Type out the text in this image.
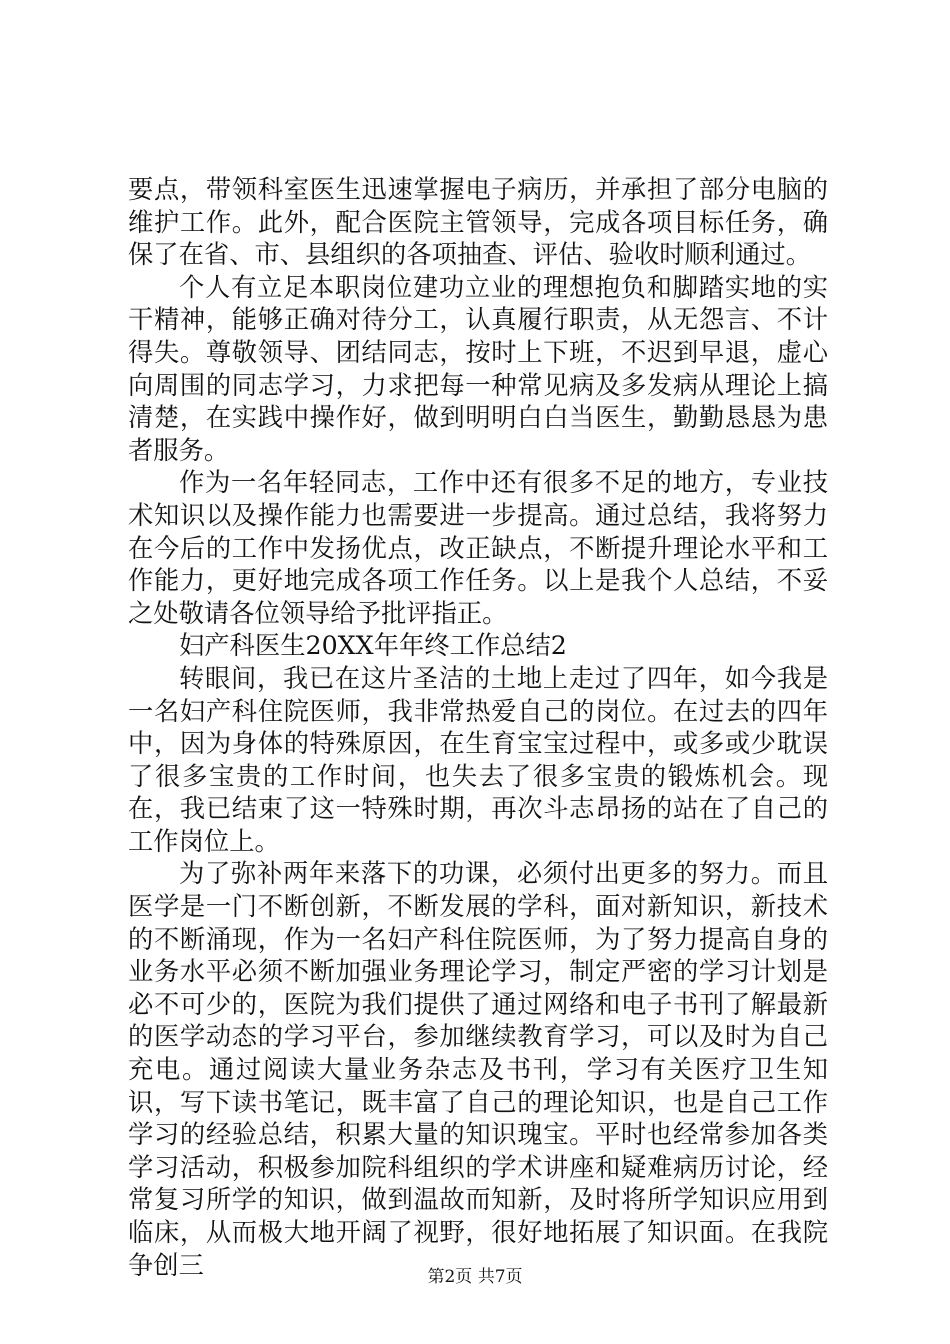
要点，带领科室医生迅速掌握电子病历，并承担了部分电脑的维护工作。此外，配合医院主管领导，完成各项目标任务，确保了在省、市、县组织的各项抽查、评估、验收时顺利通过。

个人有立足本职岗位建功立业的理想抱负和脚踏实地的实干精神，能够正确对待分工，认真履行职责，从无怨言、不计得失。尊敬领导、团结同志，按时上下班，不迟到早退，虚心向周围的同志学习，力求把每一种常见病及多发病从理论上搞清楚，在实践中操作好，做到明明白白当医生，勤勤恳恳为患者服务。

作为一名年轻同志，工作中还有很多不足的地方，专业技术知识以及操作能力也需要进一步提高。通过总结，我将努力在今后的工作中发扬优点，改正缺点，不断提升理论水平和工作能力，更好地完成各项工作任务。以上是我个人总结，不妥之处敬请各位领导给予批评指正。

妇产科医生20XX年年终工作总结2

转眼间，我已在这片圣洁的土地上走过了四年，如今我是一名妇产科住院医师，我非常热爱自己的岗位。在过去的四年中，因为身体的特殊原因，在生育宝宝过程中，或多或少耽误了很多宝贵的工作时间，也失去了很多宝贵的锻炼机会。现在，我已结束了这一特殊时期，再次斗志昂扬的站在了自己的工作岗位上。

为了弥补两年来落下的功课，必须付出更多的努力。而且医学是一门不断创新，不断发展的学科，面对新知识，新技术的不断涌现，作为一名妇产科住院医师，为了努力提高自身的业务水平必须不断加强业务理论学习，制定严密的学习计划是必不可少的，医院为我们提供了通过网络和电子书刊了解最新的医学动态的学习平台，参加继续教育学习，可以及时为自己充电。通过阅读大量业务杂志及书刊，学习有关医疗卫生知识，写下读书笔记，既丰富了自己的理论知识，也是自己工作学习的经验总结，积累大量的知识瑰宝。平时也经常参加各类学习活动，积极参加院科组织的学术讲座和疑难病历讨论，经常复习所学的知识，做到温故而知新，及时将所学知识应用到临床，从而极大地开阔了视野，很好地拓展了知识面。在我院争创三	第2页 共7页
